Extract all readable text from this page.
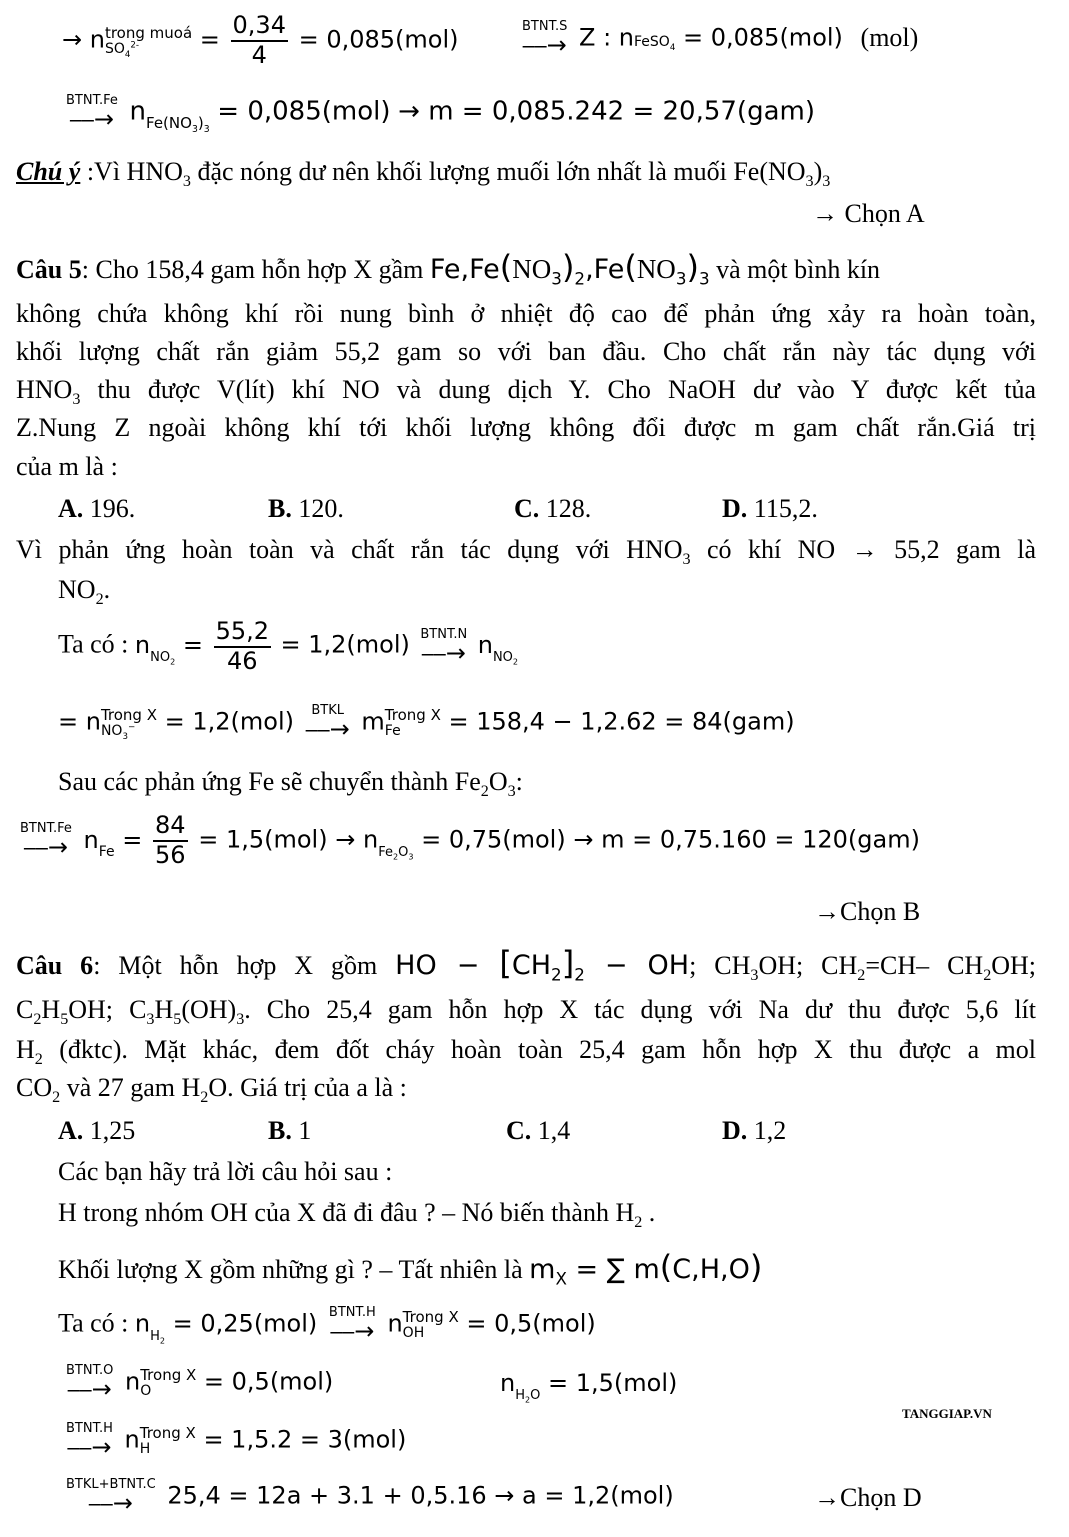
→ n trong muoá
$SO_4^{2-}$	= $\frac{0,34}{4} = 0,085(mol)$	BTNT.S
⎯⎯→ Z : nFeSO$_4$ = 0,085(mol) (mol)
BTNT.Fe
⎯⎯→ $n_{Fe(NO_3)_3} = 0,085(mol) \to m = 0,085.242 = 20,57(gam)$
Chú ý :Vì $HNO_3$ đặc nóng dư nên khối lượng muối lớn nhất là muối $Fe(NO_3)_3$
→ Chọn A
Câu 5: Cho 158,4 gam hỗn hợp X gầm $Fe,Fe(NO_3)_2,Fe(NO_3)_3$ và một bình kín
không chứa không khí rồi nung bình ở nhiệt độ cao để phản ứng xảy ra hoàn toàn,
khối lượng chất rắn giảm 55,2 gam so với ban đầu. Cho chất rắn này tác dụng với
$HNO_3$ thu được V(lít) khí NO và dung dịch Y. Cho NaOH dư vào Y được kết tủa
Z.Nung Z ngoài không khí tới khối lượng không đổi được m gam chất rắn.Giá trị
của m là :
A. 196.	B. 120.	C. 128.	D. 115,2.
Vì phản ứng hoàn toàn và chất rắn tác dụng với $HNO_3$ có khí NO → 55,2 gam là
$NO_2$.
Ta có : $n_{NO_2} = \frac{55,2}{46} = 1,2(mol)$ BTNT.N
⎯⎯→ $n_{NO_2}$
= n Trong X
$NO_3^-$	= 1,2(mol)	BTKL
⎯⎯→ m Trong X
Fe	= 158,4 − 1,2.62 = 84(gam)
Sau các phản ứng Fe sẽ chuyển thành $Fe_2O_3$:
BTNT.Fe
⎯⎯→ $n_{Fe} = \frac{84}{56} = 1,5(mol) \to n_{Fe_2O_3} = 0,75(mol) \to m = 0,75.160 = 120(gam)$
→Chọn B
Câu 6: Một hỗn hợp X gồm HO − $[CH_2]_2$ − OH; $CH_3OH$; $CH_2=CH-$ $CH_2OH$;
$C_2H_5OH$; $C_3H_5(OH)_3$. Cho 25,4 gam hỗn hợp X tác dụng với Na dư thu được 5,6 lít
$H_2$ (đktc). Mặt khác, đem đốt cháy hoàn toàn 25,4 gam hỗn hợp X thu được a mol
$CO_2$ và 27 gam $H_2O$. Giá trị của a là :
A. 1,25	B. 1	C. 1,4	D. 1,2
Các bạn hãy trả lời câu hỏi sau :
H trong nhóm OH của X đã đi đâu ? – Nó biến thành $H_2$ .
Khối lượng X gồm những gì ? – Tất nhiên là $m_X$ = ∑ m(C,H,O)
Ta có : $n_{H_2} = 0,25(mol)$ BTNT.H
⎯⎯→ n Trong X
OH	= 0,5(mol)
BTNT.O
⎯⎯→ n Trong X
O	= 0,5(mol)	$n_{H_2O} = 1,5(mol)$
TANGGIAP.VN
BTNT.H
⎯⎯→ n Trong X
H	= 1,5.2 = 3(mol)
BTKL+BTNT.C
⎯⎯→	25,4 = 12a + 3.1 + 0,5.16 → a = 1,2(mol)	→Chọn D
